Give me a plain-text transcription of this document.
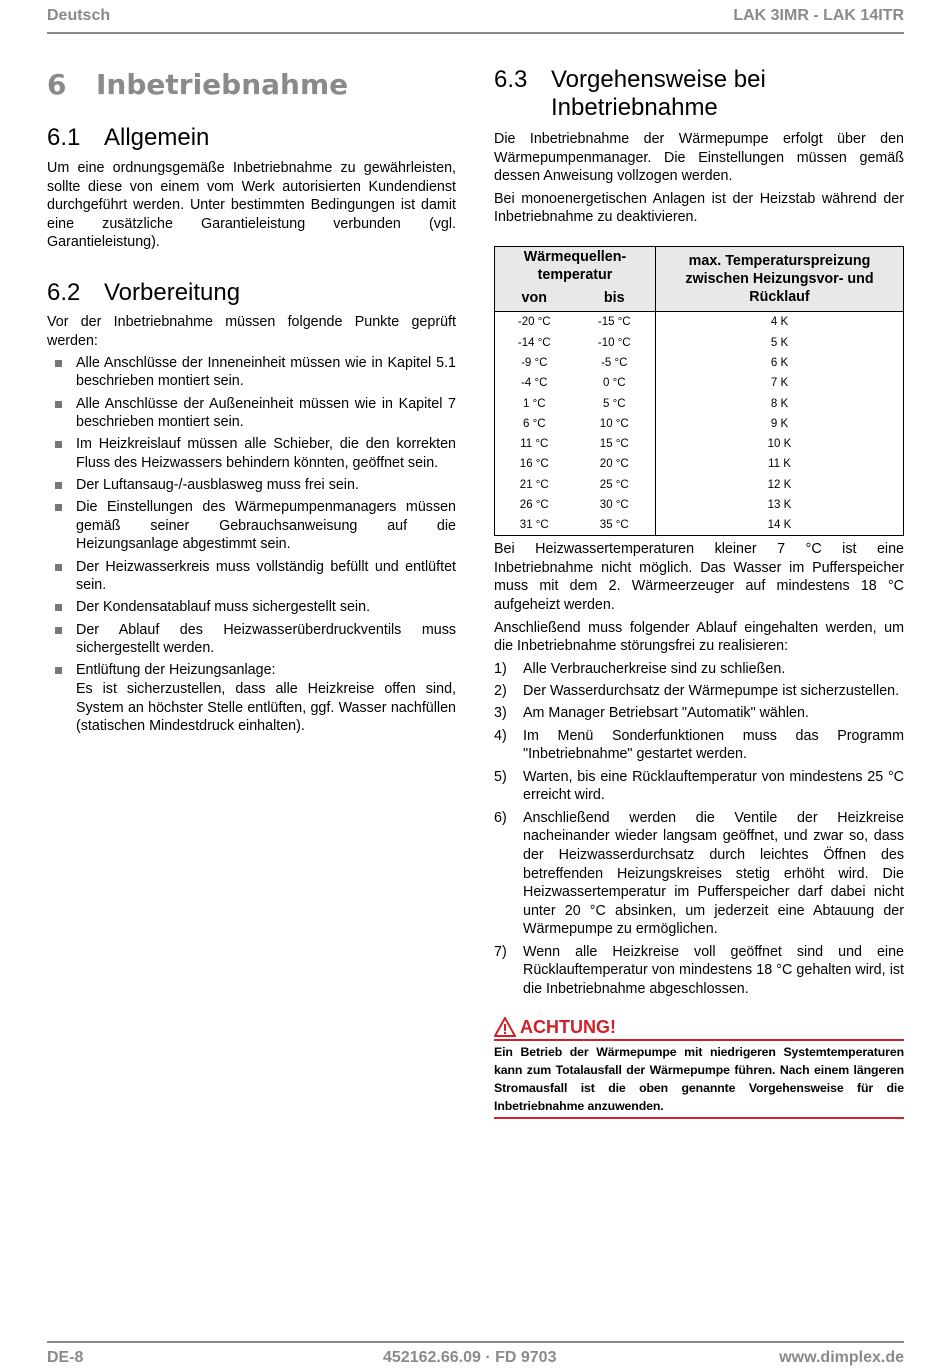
Deutsch	LAK 3IMR - LAK 14ITR
6	Inbetriebnahme
6.1 Allgemein
Um eine ordnungsgemäße Inbetriebnahme zu gewährleisten, sollte diese von einem vom Werk autorisierten Kundendienst durchgeführt werden. Unter bestimmten Bedingungen ist damit eine zusätzliche Garantieleistung verbunden (vgl. Garantieleistung).
6.2 Vorbereitung
Vor der Inbetriebnahme müssen folgende Punkte geprüft werden:
Alle Anschlüsse der Inneneinheit müssen wie in Kapitel 5.1 beschrieben montiert sein.
Alle Anschlüsse der Außeneinheit müssen wie in Kapitel 7 beschrieben montiert sein.
Im Heizkreislauf müssen alle Schieber, die den korrekten Fluss des Heizwassers behindern könnten, geöffnet sein.
Der Luftansaug-/-ausblasweg muss frei sein.
Die Einstellungen des Wärmepumpenmanagers müssen gemäß seiner Gebrauchsanweisung auf die Heizungsanlage abgestimmt sein.
Der Heizwasserkreis muss vollständig befüllt und entlüftet sein.
Der Kondensatablauf muss sichergestellt sein.
Der Ablauf des Heizwasserüberdruckventils muss sichergestellt werden.
Entlüftung der Heizungsanlage:
Es ist sicherzustellen, dass alle Heizkreise offen sind, System an höchster Stelle entlüften, ggf. Wasser nachfüllen (statischen Mindestdruck einhalten).
6.3 Vorgehensweise bei
Inbetriebnahme
Die Inbetriebnahme der Wärmepumpe erfolgt über den Wärmepumpenmanager. Die Einstellungen müssen gemäß dessen Anweisung vollzogen werden.
Bei monoenergetischen Anlagen ist der Heizstab während der Inbetriebnahme zu deaktivieren.
Wärmequellen-temperatur		max. Temperaturspreizung zwischen Heizungsvor- und Rücklauf
von	bis	
-20 °C	-15 °C	4 K
-14 °C	-10 °C	5 K
-9 °C	-5 °C	6 K
-4 °C	0 °C	7 K
1 °C	5 °C	8 K
6 °C	10 °C	9 K
11 °C	15 °C	10 K
16 °C	20 °C	11 K
21 °C	25 °C	12 K
26 °C	30 °C	13 K
31 °C	35 °C	14 K
Bei Heizwassertemperaturen kleiner 7 °C ist eine Inbetriebnahme nicht möglich. Das Wasser im Pufferspeicher muss mit dem 2. Wärmeerzeuger auf mindestens 18 °C aufgeheizt werden.
Anschließend muss folgender Ablauf eingehalten werden, um die Inbetriebnahme störungsfrei zu realisieren:
1) Alle Verbraucherkreise sind zu schließen.
2) Der Wasserdurchsatz der Wärmepumpe ist sicherzustellen.
3) Am Manager Betriebsart "Automatik" wählen.
4) Im Menü Sonderfunktionen muss das Programm "Inbetriebnahme" gestartet werden.
5) Warten, bis eine Rücklauftemperatur von mindestens 25 °C erreicht wird.
6) Anschließend werden die Ventile der Heizkreise nacheinander wieder langsam geöffnet, und zwar so, dass der Heizwasserdurchsatz durch leichtes Öffnen des betreffenden Heizungskreises stetig erhöht wird. Die Heizwassertemperatur im Pufferspeicher darf dabei nicht unter 20 °C absinken, um jederzeit eine Abtauung der Wärmepumpe zu ermöglichen.
7) Wenn alle Heizkreise voll geöffnet sind und eine Rücklauftemperatur von mindestens 18 °C gehalten wird, ist die Inbetriebnahme abgeschlossen.
ACHTUNG!
Ein Betrieb der Wärmepumpe mit niedrigeren Systemtemperaturen kann zum Totalausfall der Wärmepumpe führen. Nach einem längeren Stromausfall ist die oben genannte Vorgehensweise für die Inbetriebnahme anzuwenden.
DE-8	452162.66.09 · FD 9703	www.dimplex.de
